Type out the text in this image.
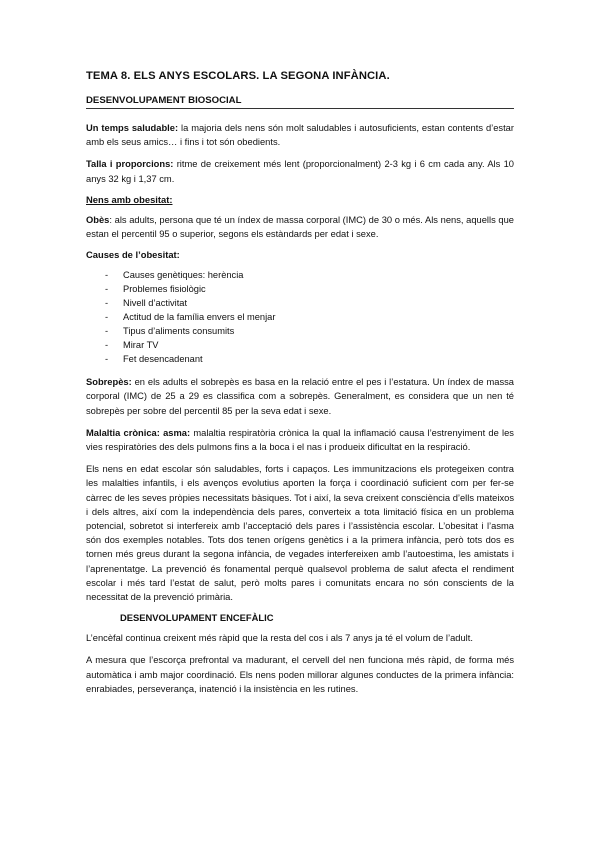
TEMA 8. ELS ANYS ESCOLARS. LA SEGONA INFÀNCIA.
DESENVOLUPAMENT BIOSOCIAL

Un temps saludable: la majoria dels nens són molt saludables i autosuficients, estan contents d’estar amb els seus amics… i fins i tot són obedients.

Talla i proporcions: ritme de creixement més lent (proporcionalment) 2-3 kg i 6 cm cada any. Als 10 anys 32 kg i 1,37 cm.

Nens amb obesitat:

Obès: als adults, persona que té un índex de massa corporal (IMC) de 30 o més. Als nens, aquells que estan el percentil 95 o superior, segons els estàndards per edat i sexe.

Causes de l’obesitat:
- Causes genètiques: herència
- Problemes fisiològic
- Nivell d’activitat
- Actitud de la família envers el menjar
- Tipus d’aliments consumits
- Mirar TV
- Fet desencadenant

Sobrepès: en els adults el sobrepès es basa en la relació entre el pes i l’estatura. Un índex de massa corporal (IMC) de 25 a 29 es classifica com a sobrepès. Generalment, es considera que un nen té sobrepès per sobre del percentil 85 per la seva edat i sexe.

Malaltia crònica: asma: malaltia respiratòria crònica la qual la inflamació causa l’estrenyiment de les vies respiratòries des dels pulmons fins a la boca i el nas i produeix dificultat en la respiració.

Els nens en edat escolar són saludables, forts i capaços. Les immunitzacions els protegeixen contra les malalties infantils, i els avenços evolutius aporten la força i coordinació suficient com per fer-se càrrec de les seves pròpies necessitats bàsiques. Tot i així, la seva creixent consciència d’ells mateixos i dels altres, així com la independència dels pares, converteix a tota limitació física en un problema potencial, sobretot si interfereix amb l’acceptació dels pares i l’assistència escolar. L’obesitat i l’asma són dos exemples notables. Tots dos tenen orígens genètics i a la primera infància, però tots dos es tornen més greus durant la segona infància, de vegades interfereixen amb l’autoestima, les amistats i l’aprenentatge. La prevenció és fonamental perquè qualsevol problema de salut afecta el rendiment escolar i més tard l’estat de salut, però molts pares i comunitats encara no són conscients de la necessitat de la prevenció primària.

DESENVOLUPAMENT ENCEFÀLIC

L’encèfal continua creixent més ràpid que la resta del cos i als 7 anys ja té el volum de l’adult.

A mesura que l’escorça prefrontal va madurant, el cervell del nen funciona més ràpid, de forma més automàtica i amb major coordinació. Els nens poden millorar algunes conductes de la primera infància: enrabiades, perseverança, inatenció i la insistència en les rutines.
